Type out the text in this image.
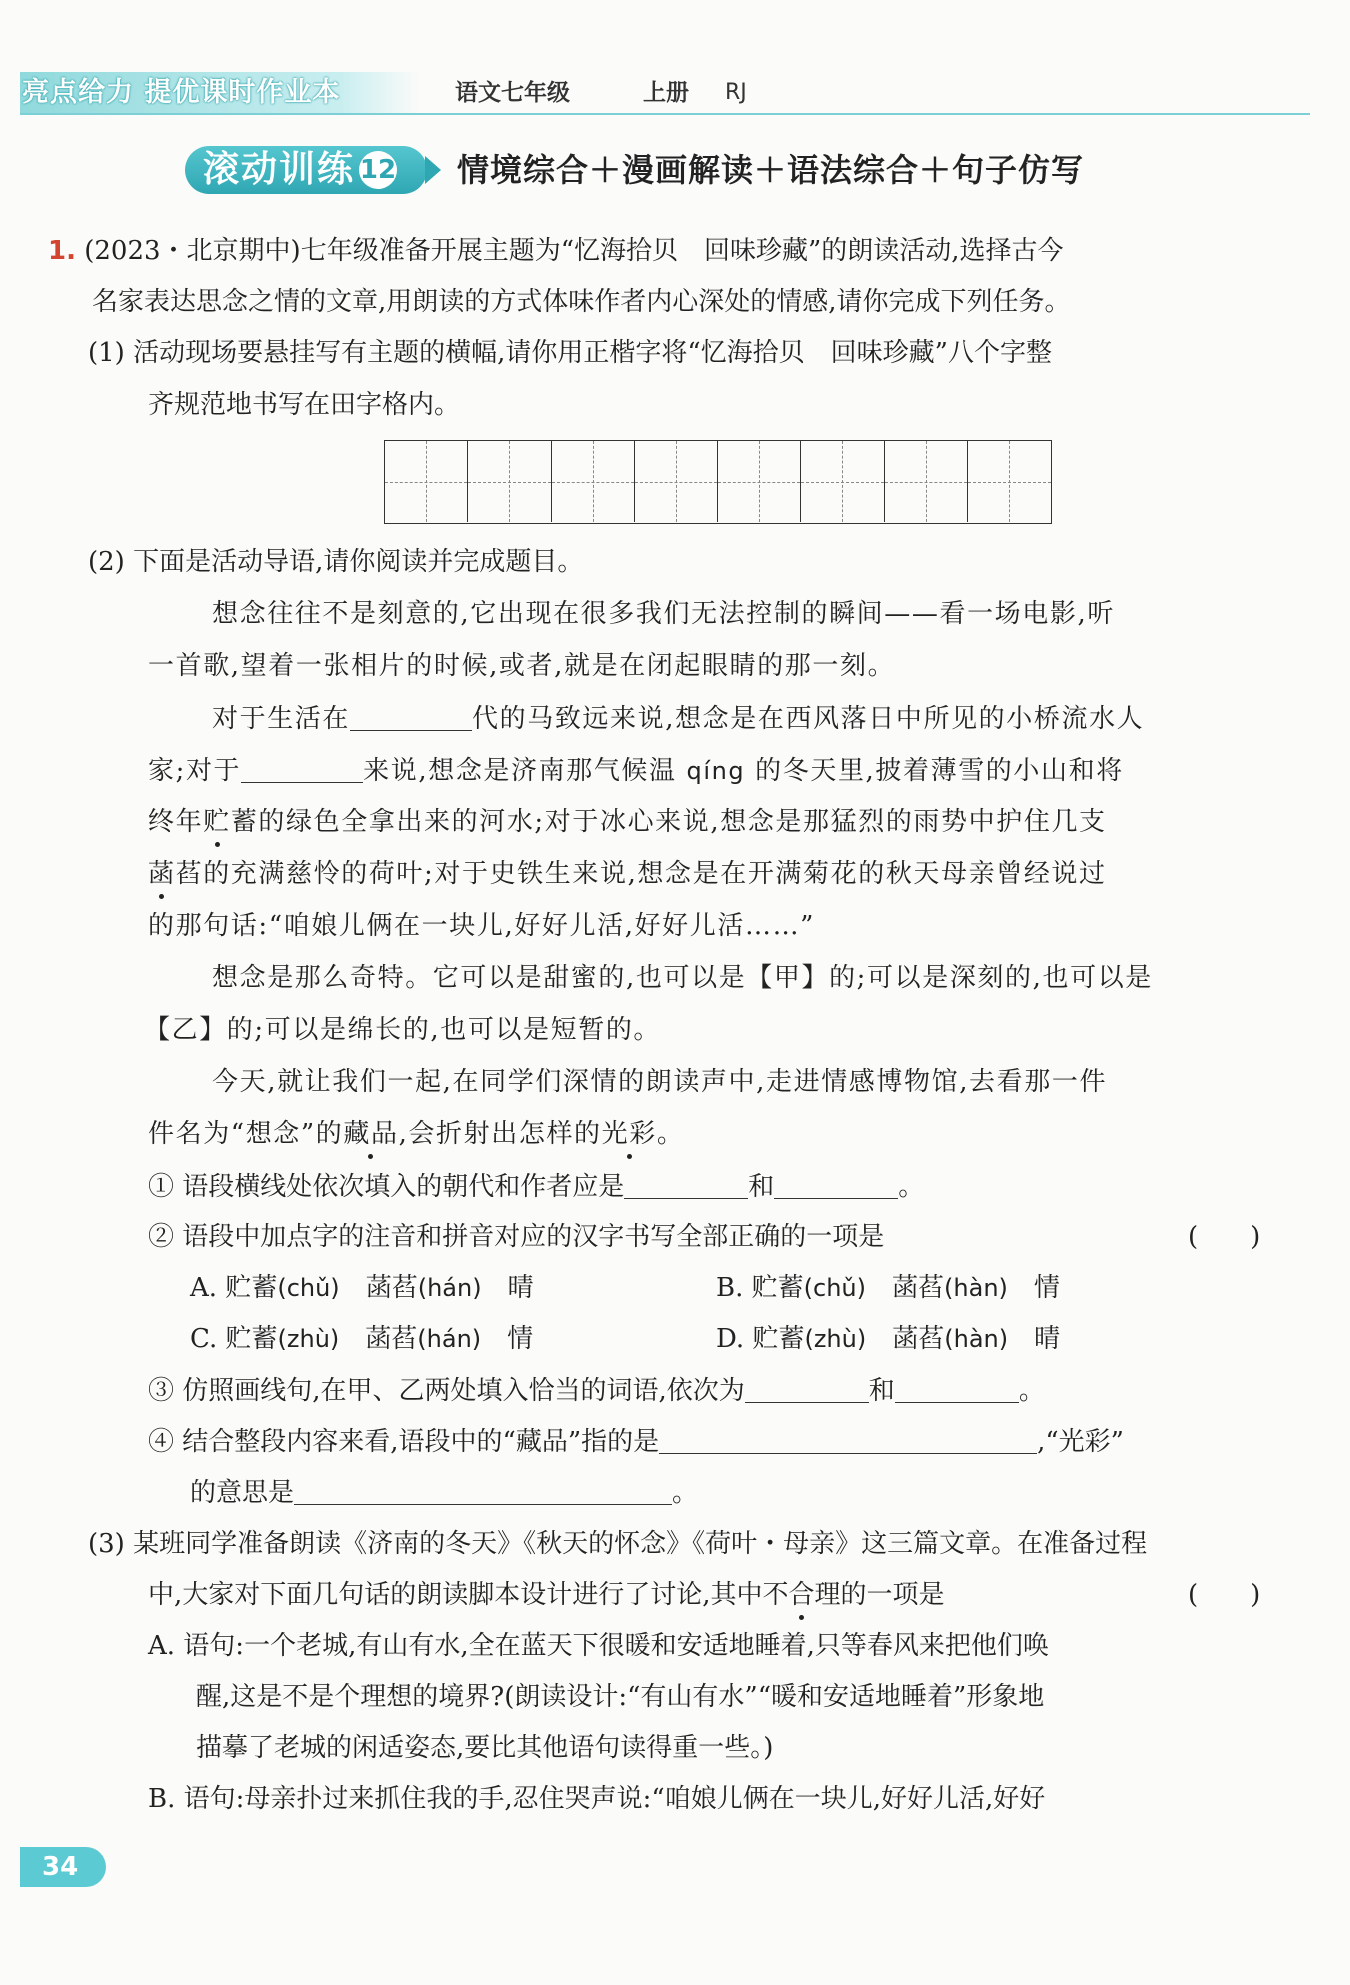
亮点给力 提优课时作业本	语文七年级	上册 RJ
滚动训练 12 情境综合＋漫画解读＋语法综合＋句子仿写
1. (2023・北京期中)七年级准备开展主题为“忆海拾贝　回味珍藏”的朗读活动,选择古今
名家表达思念之情的文章,用朗读的方式体味作者内心深处的情感,请你完成下列任务。
(1) 活动现场要悬挂写有主题的横幅,请你用正楷字将“忆海拾贝　回味珍藏”八个字整
齐规范地书写在田字格内。
(2) 下面是活动导语,请你阅读并完成题目。
想念往往不是刻意的,它出现在很多我们无法控制的瞬间——看一场电影,听
一首歌,望着一张相片的时候,或者,就是在闭起眼睛的那一刻。
对于生活在	代的马致远来说,想念是在西风落日中所见的小桥流水人
家;对于	来说,想念是济南那气候温 qíng 的冬天里,披着薄雪的小山和将
终年贮蓄的绿色全拿出来的河水;对于冰心来说,想念是那猛烈的雨势中护住几支
菡萏的充满慈怜的荷叶;对于史铁生来说,想念是在开满菊花的秋天母亲曾经说过
的那句话:“咱娘儿俩在一块儿,好好儿活,好好儿活……”
想念是那么奇特。它可以是甜蜜的,也可以是【甲】的;可以是深刻的,也可以是
【乙】的;可以是绵长的,也可以是短暂的。
今天,就让我们一起,在同学们深情的朗读声中,走进情感博物馆,去看那一件
件名为“想念”的藏品,会折射出怎样的光彩。
① 语段横线处依次填入的朝代和作者应是	和	。
② 语段中加点字的注音和拼音对应的汉字书写全部正确的一项是	(　　)
A. 贮蓄(chǔ)　 菡萏(hán)　 晴	B. 贮蓄(chǔ)　 菡萏(hàn)　 情
C. 贮蓄(zhù)　 菡萏(hán)　 情	D. 贮蓄(zhù)　 菡萏(hàn)　 晴
③ 仿照画线句,在甲、乙两处填入恰当的词语,依次为	和	。
④ 结合整段内容来看,语段中的“藏品”指的是	,“光彩”
的意思是	。
(3) 某班同学准备朗读《济南的冬天》《秋天的怀念》《荷叶・母亲》这三篇文章。在准备过程
中,大家对下面几句话的朗读脚本设计进行了讨论,其中不合理的一项是	(　　)
A. 语句:一个老城,有山有水,全在蓝天下很暖和安适地睡着,只等春风来把他们唤
醒,这是不是个理想的境界?(朗读设计:“有山有水”“暖和安适地睡着”形象地
描摹了老城的闲适姿态,要比其他语句读得重一些。)
B. 语句:母亲扑过来抓住我的手,忍住哭声说:“咱娘儿俩在一块儿,好好儿活,好好
34
